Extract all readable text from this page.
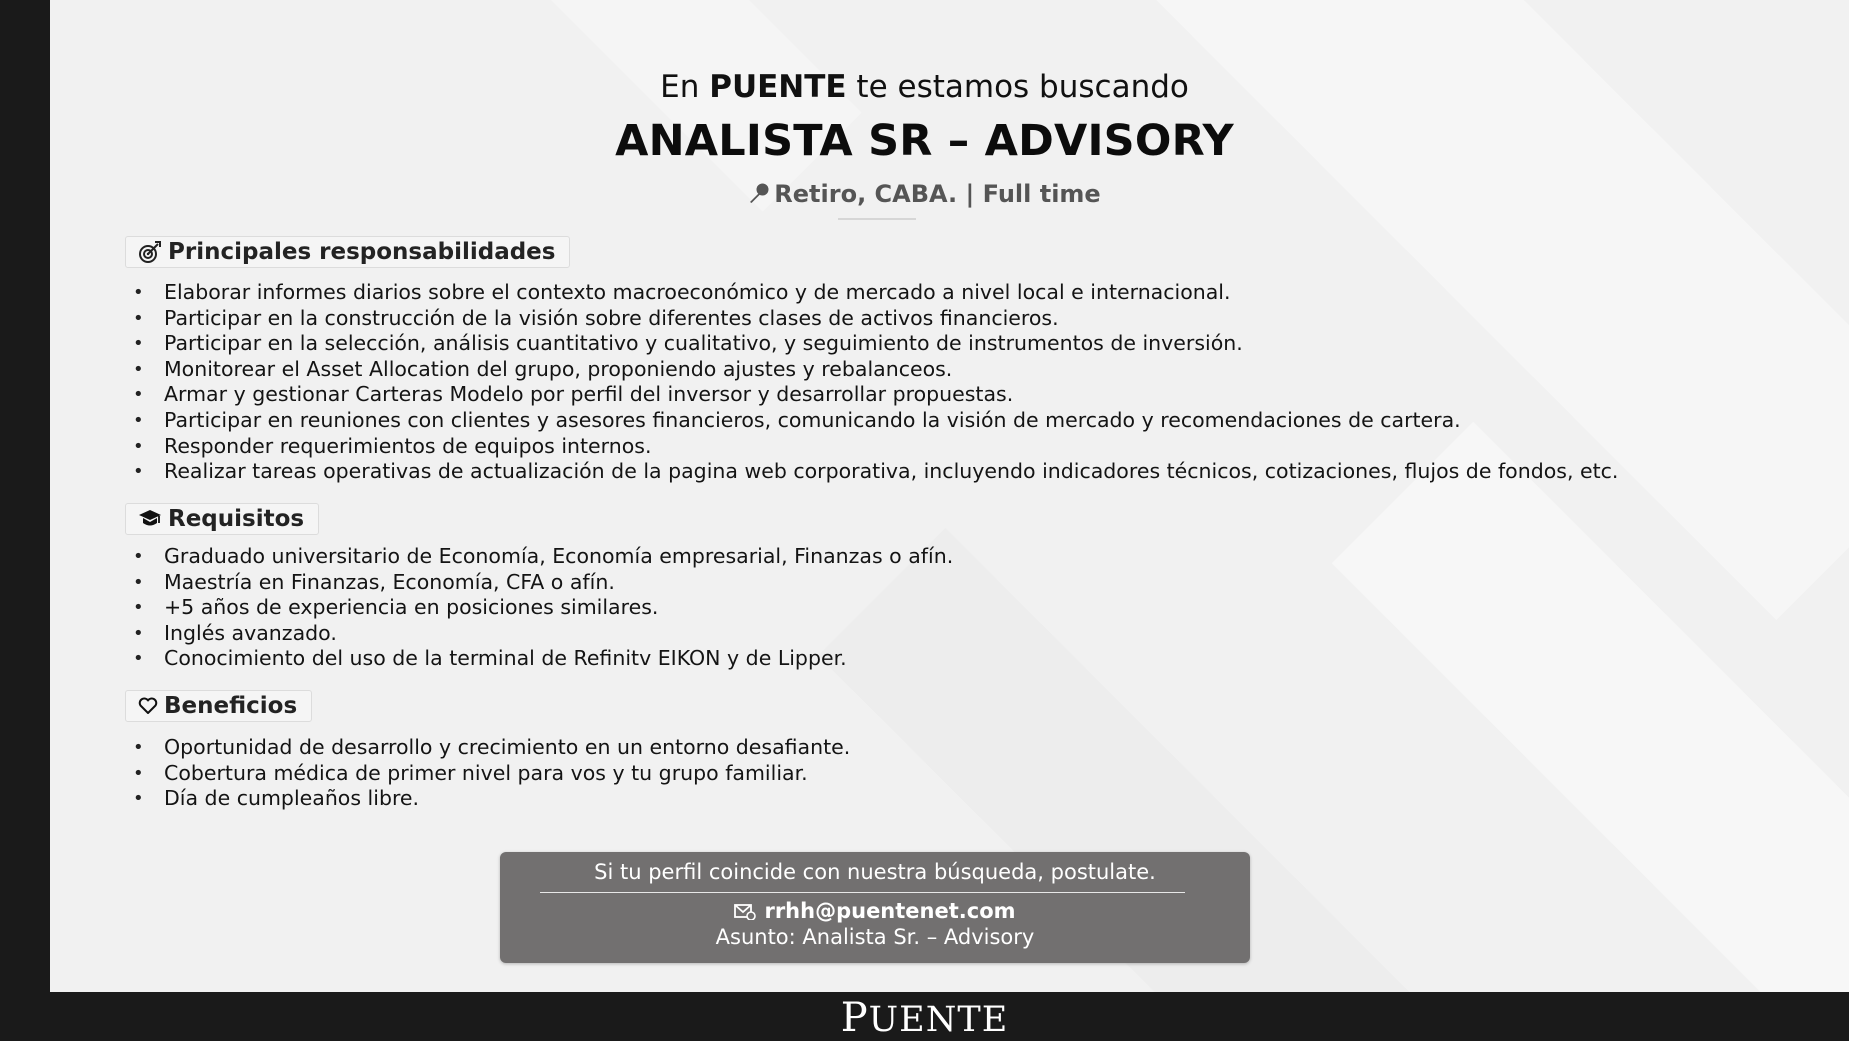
En PUENTE te estamos buscando
ANALISTA SR – ADVISORY
Retiro, CABA. | Full time
Principales responsabilidades
• Elaborar informes diarios sobre el contexto macroeconómico y de mercado a nivel local e internacional.
• Participar en la construcción de la visión sobre diferentes clases de activos financieros.
• Participar en la selección, análisis cuantitativo y cualitativo, y seguimiento de instrumentos de inversión.
• Monitorear el Asset Allocation del grupo, proponiendo ajustes y rebalanceos.
• Armar y gestionar Carteras Modelo por perfil del inversor y desarrollar propuestas.
• Participar en reuniones con clientes y asesores financieros, comunicando la visión de mercado y recomendaciones de cartera.
• Responder requerimientos de equipos internos.
• Realizar tareas operativas de actualización de la pagina web corporativa, incluyendo indicadores técnicos, cotizaciones, flujos de fondos, etc.
Requisitos
• Graduado universitario de Economía, Economía empresarial, Finanzas o afín.
• Maestría en Finanzas, Economía, CFA o afín.
• +5 años de experiencia en posiciones similares.
• Inglés avanzado.
• Conocimiento del uso de la terminal de Refinitv EIKON y de Lipper.
Beneficios
• Oportunidad de desarrollo y crecimiento en un entorno desafiante.
• Cobertura médica de primer nivel para vos y tu grupo familiar.
• Día de cumpleaños libre.
Si tu perfil coincide con nuestra búsqueda, postulate.
rrhh@puentenet.com
Asunto: Analista Sr. – Advisory
PUENTE
